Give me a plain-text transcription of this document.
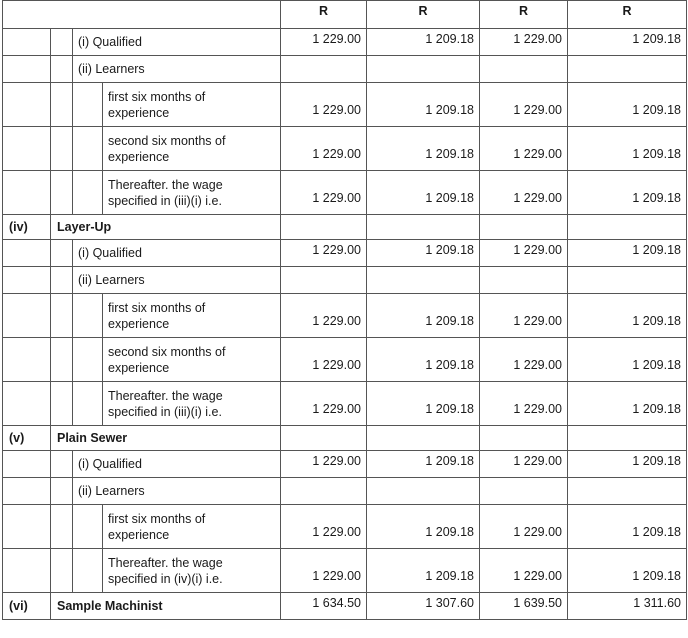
				R	R	R	R
		(i) Qualified		1 229.00	1 209.18	1 229.00	1 209.18
		(ii) Learners					

			first six months of
experience	1 229.00	1 209.18	1 229.00	1 209.18

			second six months of
experience	1 229.00	1 209.18	1 229.00	1 209.18

			Thereafter. the wage
specified in (iii)(i) i.e.	1 229.00	1 209.18	1 229.00	1 209.18
(iv)	Layer-Up						
		(i) Qualified		1 229.00	1 209.18	1 229.00	1 209.18
		(ii) Learners					

			first six months of
experience	1 229.00	1 209.18	1 229.00	1 209.18

			second six months of
experience	1 229.00	1 209.18	1 229.00	1 209.18

			Thereafter. the wage
specified in (iii)(i) i.e.	1 229.00	1 209.18	1 229.00	1 209.18
(v)	Plain Sewer						
		(i) Qualified		1 229.00	1 209.18	1 229.00	1 209.18
		(ii) Learners					

			first six months of
experience	1 229.00	1 209.18	1 229.00	1 209.18

			Thereafter. the wage
specified in (iv)(i) i.e.	1 229.00	1 209.18	1 229.00	1 209.18
(vi)	Sample Machinist			1 634.50	1 307.60	1 639.50	1 311.60
